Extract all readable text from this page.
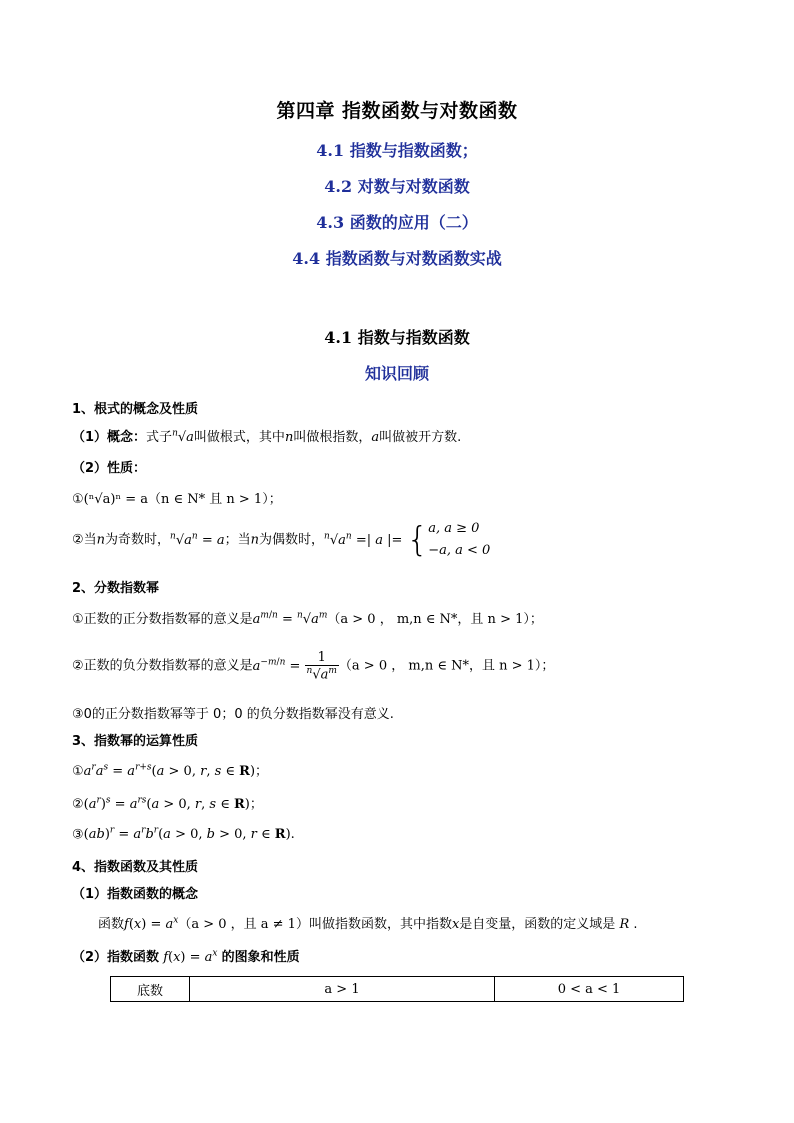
第四章 指数函数与对数函数
4.1 指数与指数函数；
4.2 对数与对数函数
4.3 函数的应用（二）
4.4 指数函数与对数函数实战
4.1 指数与指数函数
知识回顾
1、根式的概念及性质
（1）概念：式子$^n$√a叫做根式，其中n叫做根指数，a叫做被开方数.
（2）性质：
①(ⁿ√a)ⁿ = a（n ∈ N* 且 n > 1）；
②当n为奇数时，$^n√a^n = a$；当n为偶数时，$^n√a^n$ =| a |= { a, a ≥ 0
−a, a < 0
2、分数指数幂
①正数的正分数指数幂的意义是$a^{m/n} = ^n√a^m(a > 0$ ， m,n ∈ N*，且 n > 1）；
②正数的负分数指数幂的意义是$a^{-m/n} = \frac{1}{^n√a^m} (a > 0$ ， m,n ∈ N*，且 n > 1）；
③0的正分数指数幂等于 0；0 的负分数指数幂没有意义.
3、指数幂的运算性质
$①a^ra^s = a^{r+s}(a > 0$, r, s ∈ R)；
$②(a^r)^s = a^{rs}(a > 0$, r, s ∈ R)；
③(ab)$^r$ = $a^rb^r(a > 0$, b > 0, r ∈ R).
4、指数函数及其性质
（1）指数函数的概念
函数$f(x) = a^x(a > 0$ ，且 a ≠ 1）叫做指数函数，其中指数x是自变量，函数的定义域是 R .
（2）指数函数 $f(x) = a^x$ 的图象和性质
底数	a > 1	0 < a < 1
